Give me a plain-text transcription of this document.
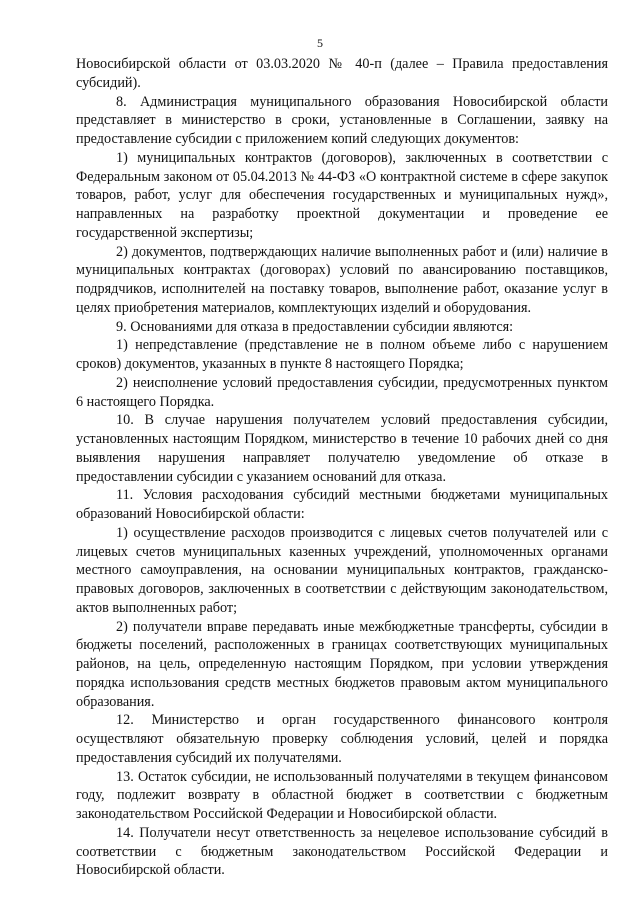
5

Новосибирской области от 03.03.2020 № 40-п (далее – Правила предоставления субсидий).

8. Администрация муниципального образования Новосибирской области представляет в министерство в сроки, установленные в Соглашении, заявку на предоставление субсидии с приложением копий следующих документов:

1) муниципальных контрактов (договоров), заключенных в соответствии с Федеральным законом от 05.04.2013 № 44-ФЗ «О контрактной системе в сфере закупок товаров, работ, услуг для обеспечения государственных и муниципальных нужд», направленных на разработку проектной документации и проведение ее государственной экспертизы;

2) документов, подтверждающих наличие выполненных работ и (или) наличие в муниципальных контрактах (договорах) условий по авансированию поставщиков, подрядчиков, исполнителей на поставку товаров, выполнение работ, оказание услуг в целях приобретения материалов, комплектующих изделий и оборудования.

9. Основаниями для отказа в предоставлении субсидии являются:

1) непредставление (представление не в полном объеме либо с нарушением сроков) документов, указанных в пункте 8 настоящего Порядка;

2) неисполнение условий предоставления субсидии, предусмотренных пунктом 6 настоящего Порядка.

10. В случае нарушения получателем условий предоставления субсидии, установленных настоящим Порядком, министерство в течение 10 рабочих дней со дня выявления нарушения направляет получателю уведомление об отказе в предоставлении субсидии с указанием оснований для отказа.

11. Условия расходования субсидий местными бюджетами муниципальных образований Новосибирской области:

1) осуществление расходов производится с лицевых счетов получателей или с лицевых счетов муниципальных казенных учреждений, уполномоченных органами местного самоуправления, на основании муниципальных контрактов, гражданско-правовых договоров, заключенных в соответствии с действующим законодательством, актов выполненных работ;

2) получатели вправе передавать иные межбюджетные трансферты, субсидии в бюджеты поселений, расположенных в границах соответствующих муниципальных районов, на цель, определенную настоящим Порядком, при условии утверждения порядка использования средств местных бюджетов правовым актом муниципального образования.

12. Министерство и орган государственного финансового контроля осуществляют обязательную проверку соблюдения условий, целей и порядка предоставления субсидий их получателями.

13. Остаток субсидии, не использованный получателями в текущем финансовом году, подлежит возврату в областной бюджет в соответствии с бюджетным законодательством Российской Федерации и Новосибирской области.

14. Получатели несут ответственность за нецелевое использование субсидий в соответствии с бюджетным законодательством Российской Федерации и Новосибирской области.
